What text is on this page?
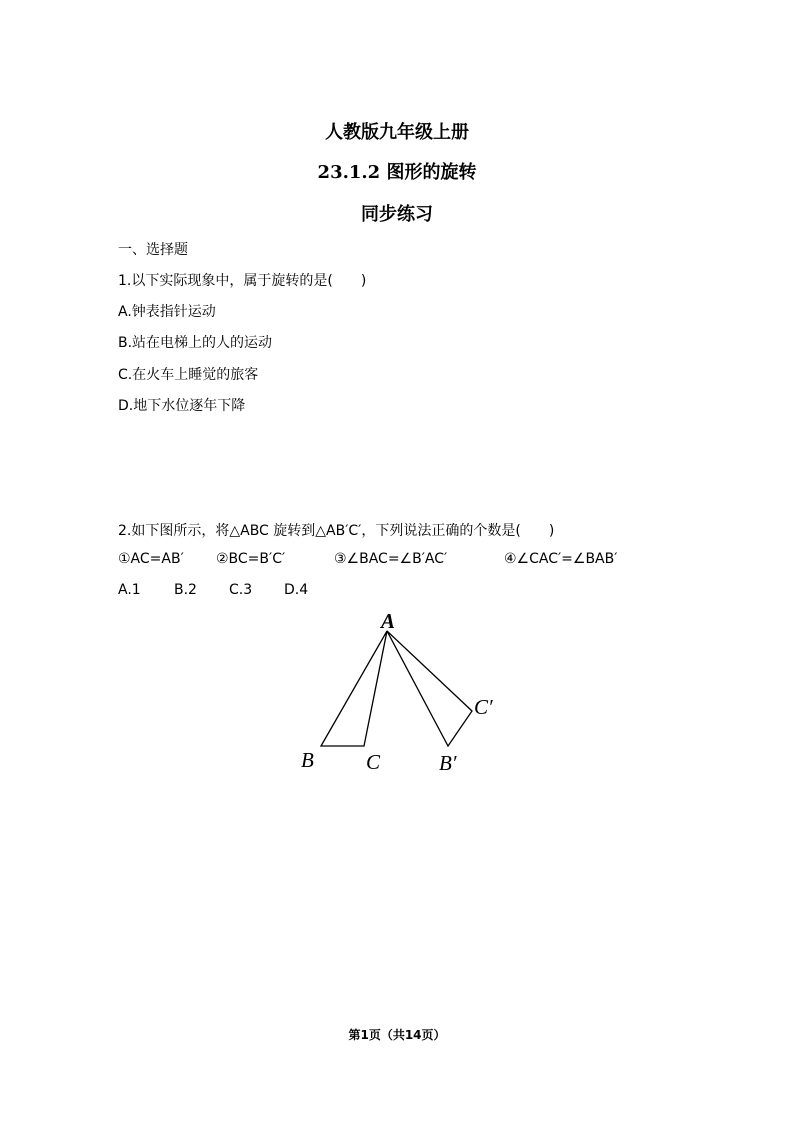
人教版九年级上册
23.1.2 图形的旋转
同步练习
一、选择题
1.以下实际现象中，属于旋转的是(　　)
A.钟表指针运动
B.站在电梯上的人的运动
C.在火车上睡觉的旅客
D.地下水位逐年下降
2.如下图所示，将△ABC 旋转到△AB′C′，下列说法正确的个数是(　　)
①AC=AB′ ②BC=B′C′	③∠BAC=∠B′AC′	④∠CAC′=∠BAB′
A.1 B.2 C.3 D.4
A
B C	B′
C′
第1页（共14页）
